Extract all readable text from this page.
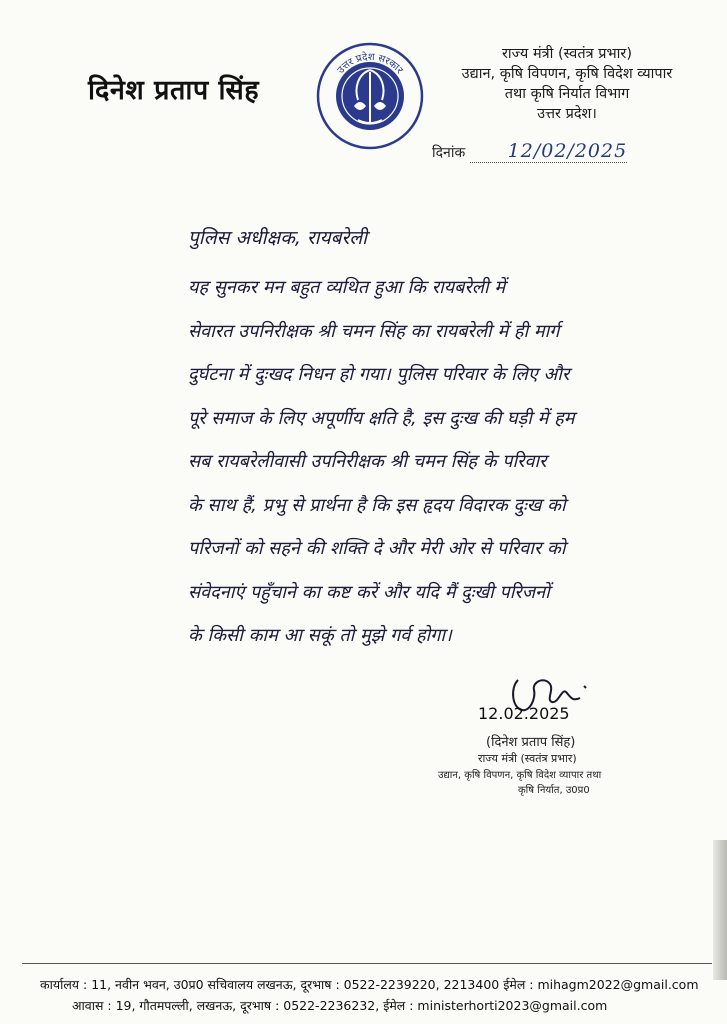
दिनेश प्रताप सिंह
उत्तर प्रदेश सरकार
राज्य मंत्री (स्वतंत्र प्रभार)
उद्यान, कृषि विपणन, कृषि विदेश व्यापार
तथा कृषि निर्यात विभाग
उत्तर प्रदेश।
दिनांक 12/02/2025
पुलिस अधीक्षक, रायबरेली
यह सुनकर मन बहुत व्यथित हुआ कि रायबरेली में
सेवारत उपनिरीक्षक श्री चमन सिंह का रायबरेली में ही मार्ग
दुर्घटना में दुःखद निधन हो गया। पुलिस परिवार के लिए और
पूरे समाज के लिए अपूर्णीय क्षति है, इस दुःख की घड़ी में हम
सब रायबरेलीवासी उपनिरीक्षक श्री चमन सिंह के परिवार
के साथ हैं, प्रभु से प्रार्थना है कि इस हृदय विदारक दुःख को
परिजनों को सहने की शक्ति दे और मेरी ओर से परिवार को
संवेदनाएं पहुँचाने का कष्ट करें और यदि मैं दुःखी परिजनों
के किसी काम आ सकूं तो मुझे गर्व होगा।
12.02.2025
(दिनेश प्रताप सिंह)
राज्य मंत्री (स्वतंत्र प्रभार)
उद्यान, कृषि विपणन, कृषि विदेश व्यापार तथा
कृषि निर्यात, उ0प्र0
कार्यालय : 11, नवीन भवन, उ0प्र0 सचिवालय लखनऊ, दूरभाष : 0522-2239220, 2213400 ईमेल : mihagm2022@gmail.com
आवास : 19, गौतमपल्ली, लखनऊ, दूरभाष : 0522-2236232, ईमेल : ministerhorti2023@gmail.com
